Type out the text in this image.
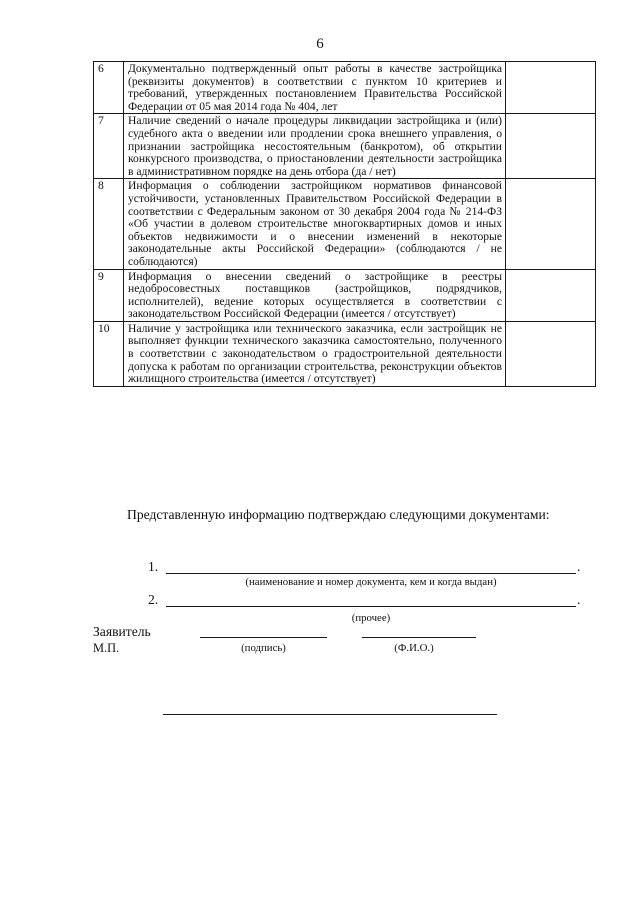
6
6	Документально подтвержденный опыт работы в качестве застройщика (реквизиты документов) в соответствии с пунктом 10 критериев и требований, утвержденных постановлением Правительства Российской Федерации от 05 мая 2014 года № 404, лет	
7	Наличие сведений о начале процедуры ликвидации застройщика и (или) судебного акта о введении или продлении срока внешнего управления, о признании застройщика несостоятельным (банкротом), об открытии конкурсного производства, о приостановлении деятельности застройщика в административном порядке на день отбора (да / нет)	
8	Информация о соблюдении застройщиком нормативов финансовой устойчивости, установленных Правительством Российской Федерации в соответствии с Федеральным законом от 30 декабря 2004 года № 214-ФЗ «Об участии в долевом строительстве многоквартирных домов и иных объектов недвижимости и о внесении изменений в некоторые законодательные акты Российской Федерации» (соблюдаются / не соблюдаются)	
9	Информация о внесении сведений о застройщике в реестры недобросовестных поставщиков (застройщиков, подрядчиков, исполнителей), ведение которых осуществляется в соответствии с законодательством Российской Федерации (имеется / отсутствует)	
10	Наличие у застройщика или технического заказчика, если застройщик не выполняет функции технического заказчика самостоятельно, полученного в соответствии с законодательством о градостроительной деятельности допуска к работам по организации строительства, реконструкции объектов жилищного строительства (имеется / отсутствует)	
Представленную информацию подтверждаю следующими документами:
1.	.
(наименование и номер документа, кем и когда выдан)
2.	.
(прочее)
Заявитель
М.П.	(подпись)	(Ф.И.О.)
